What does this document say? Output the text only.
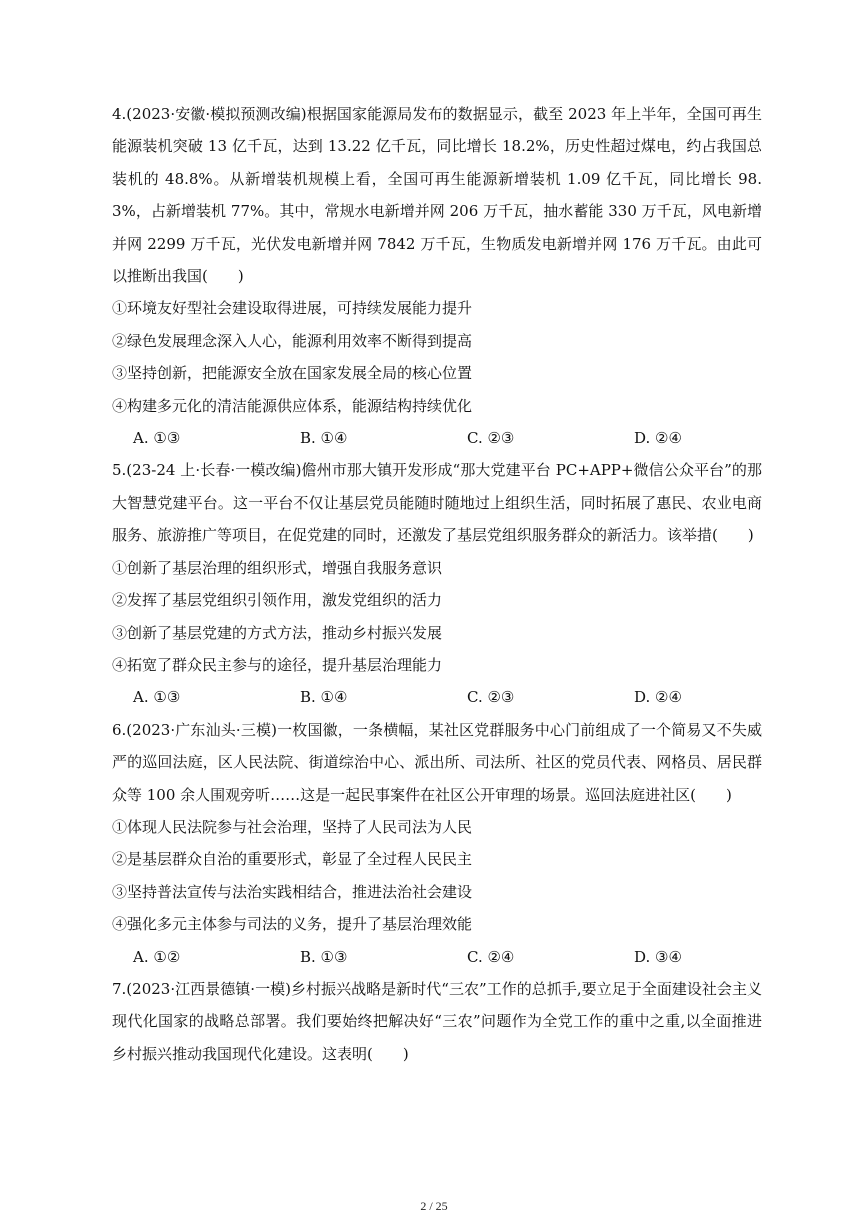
4.(2023·安徽·模拟预测改编)根据国家能源局发布的数据显示，截至 2023 年上半年，全国可再生能源装机突破 13 亿千瓦，达到 13.22 亿千瓦，同比增长 18.2%，历史性超过煤电，约占我国总装机的 48.8%。从新增装机规模上看，全国可再生能源新增装机 1.09 亿千瓦，同比增长 98.3%，占新增装机 77%。其中，常规水电新增并网 206 万千瓦，抽水蓄能 330 万千瓦，风电新增并网 2299 万千瓦，光伏发电新增并网 7842 万千瓦，生物质发电新增并网 176 万千瓦。由此可以推断出我国(　　)

①环境友好型社会建设取得进展，可持续发展能力提升

②绿色发展理念深入人心，能源利用效率不断得到提高

③坚持创新，把能源安全放在国家发展全局的核心位置

④构建多元化的清洁能源供应体系，能源结构持续优化

A. ①③	B. ①④	C. ②③	D. ②④

5.(23-24 上·长春·一模改编)儋州市那大镇开发形成“那大党建平台 PC+APP+微信公众平台”的那大智慧党建平台。这一平台不仅让基层党员能随时随地过上组织生活，同时拓展了惠民、农业电商服务、旅游推广等项目，在促党建的同时，还激发了基层党组织服务群众的新活力。该举措(　　)

①创新了基层治理的组织形式，增强自我服务意识

②发挥了基层党组织引领作用，激发党组织的活力

③创新了基层党建的方式方法，推动乡村振兴发展

④拓宽了群众民主参与的途径，提升基层治理能力

A. ①③	B. ①④	C. ②③	D. ②④

6.(2023·广东汕头·三模)一枚国徽，一条横幅，某社区党群服务中心门前组成了一个简易又不失威严的巡回法庭，区人民法院、街道综治中心、派出所、司法所、社区的党员代表、网格员、居民群众等 100 余人围观旁听……这是一起民事案件在社区公开审理的场景。巡回法庭进社区(　　)

①体现人民法院参与社会治理，坚持了人民司法为人民

②是基层群众自治的重要形式，彰显了全过程人民民主

③坚持普法宣传与法治实践相结合，推进法治社会建设

④强化多元主体参与司法的义务，提升了基层治理效能

A. ①②	B. ①③	C. ②④	D. ③④

7.(2023·江西景德镇·一模)乡村振兴战略是新时代“三农”工作的总抓手,要立足于全面建设社会主义现代化国家的战略总部署。我们要始终把解决好“三农”问题作为全党工作的重中之重,以全面推进乡村振兴推动我国现代化建设。这表明(　　)

2 / 25
